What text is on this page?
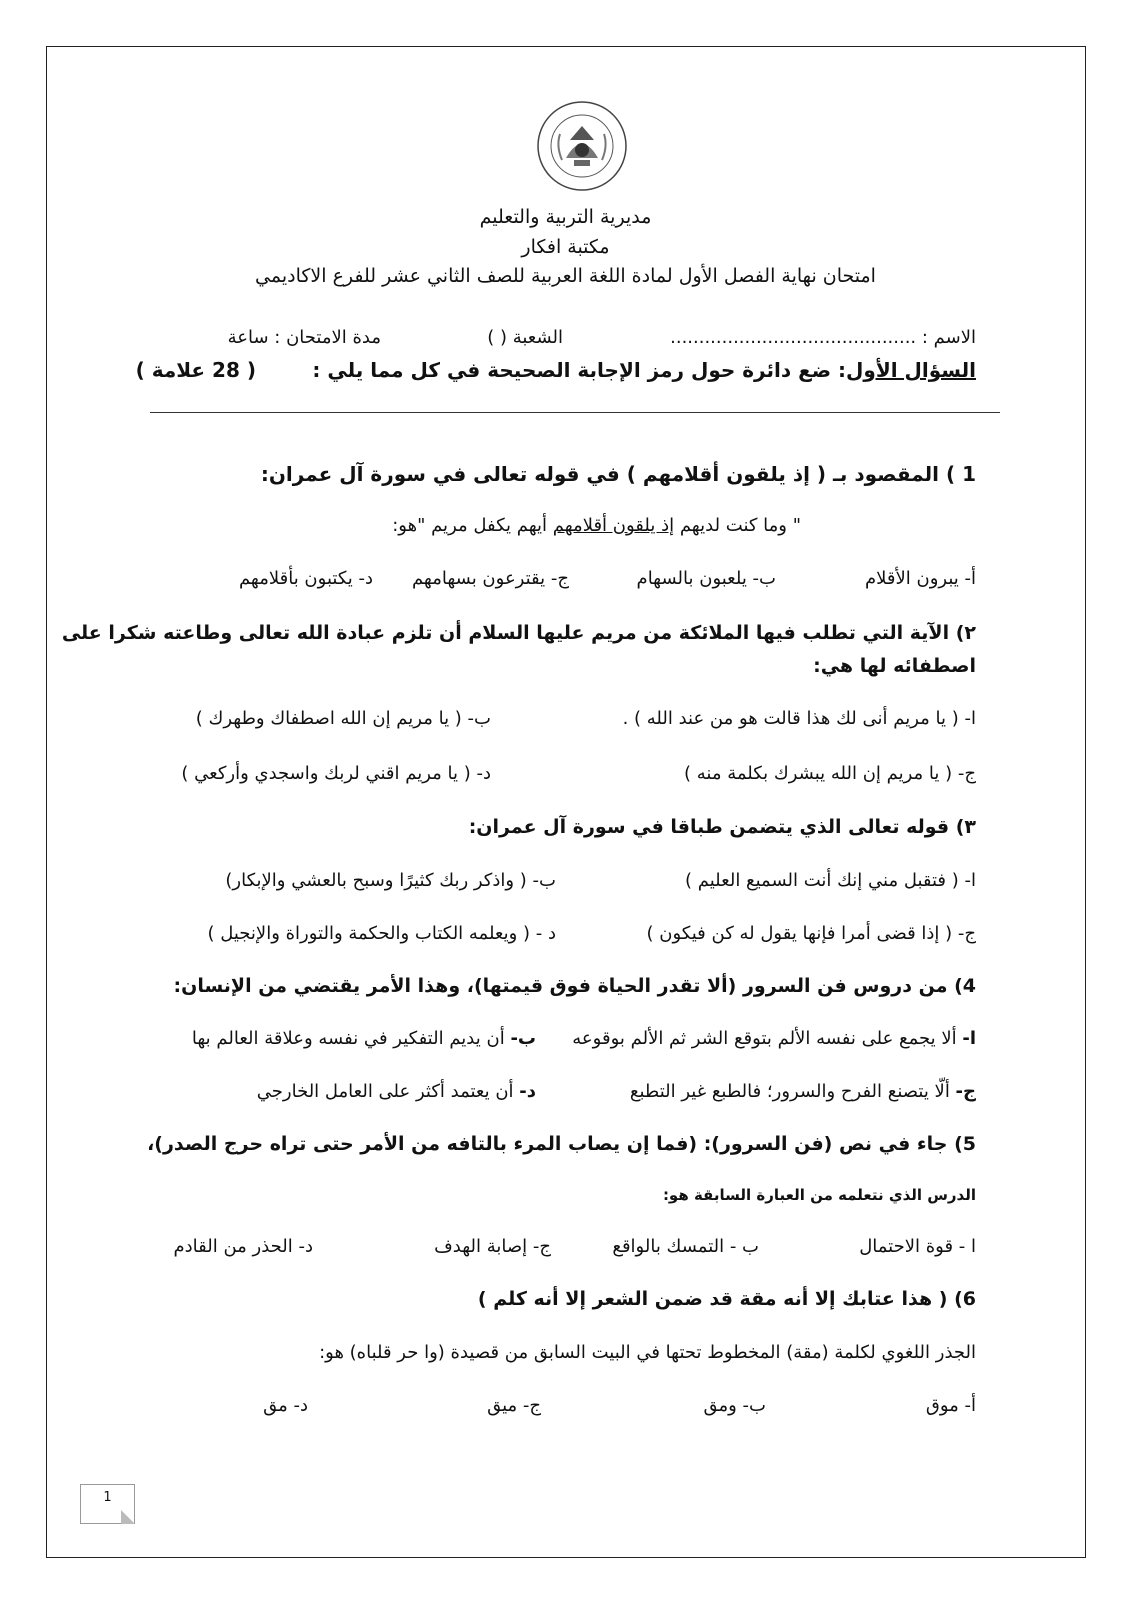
مديرية التربية والتعليم
مكتبة افكار
امتحان نهاية الفصل الأول لمادة اللغة العربية للصف الثاني عشر للفرع الاكاديمي
الاسم : ...........................................
الشعبة ( )
مدة الامتحان : ساعة
السؤال الأول: ضع دائرة حول رمز الإجابة الصحيحة في كل مما يلي :
( 28 علامة )
1 ) المقصود بـ ( إذ يلقون أقلامهم ) في قوله تعالى في سورة آل عمران:
" وما كنت لديهم إذ يلقون أقلامهم أيهم يكفل مريم "هو:
أ- يبرون الأقلام
ب- يلعبون بالسهام
ج- يقترعون بسهامهم
د- يكتبون بأقلامهم
٢) الآية التي تطلب فيها الملائكة من مريم عليها السلام أن تلزم عبادة الله تعالى وطاعته شكرا على
اصطفائه لها هي:
ا- ( يا مريم أنى لك هذا قالت هو من عند الله ) .
ب- ( يا مريم إن الله اصطفاك وطهرك )
ج- ( يا مريم إن الله يبشرك بكلمة منه )
د- ( يا مريم اقني لربك واسجدي وأركعي )
٣) قوله تعالى الذي يتضمن طباقا في سورة آل عمران:
ا- ( فتقبل مني إنك أنت السميع العليم )
ب- ( واذكر ربك كثيرًا وسبح بالعشي والإبكار)
ج- ( إذا قضى أمرا فإنها يقول له كن فيكون )
د - ( ويعلمه الكتاب والحكمة والتوراة والإنجيل )
4) من دروس فن السرور (ألا تقدر الحياة فوق قيمتها)، وهذا الأمر يقتضي من الإنسان:
ا- ألا يجمع على نفسه الألم بتوقع الشر ثم الألم بوقوعه
ب- أن يديم التفكير في نفسه وعلاقة العالم بها
ج- ألّا يتصنع الفرح والسرور؛ فالطبع غير التطبع
د- أن يعتمد أكثر على العامل الخارجي
5) جاء في نص (فن السرور): (فما إن يصاب المرء بالتافه من الأمر حتى تراه حرج الصدر)،
الدرس الذي نتعلمه من العبارة السابقة هو:
ا - قوة الاحتمال
ب - التمسك بالواقع
ج- إصابة الهدف
د- الحذر من القادم
6) ( هذا عتابك إلا أنه مقة قد ضمن الشعر إلا أنه كلم )
الجذر اللغوي لكلمة (مقة) المخطوط تحتها في البيت السابق من قصيدة (وا حر قلباه) هو:
أ- موق
ب- ومق
ج- ميق
د- مق
1
